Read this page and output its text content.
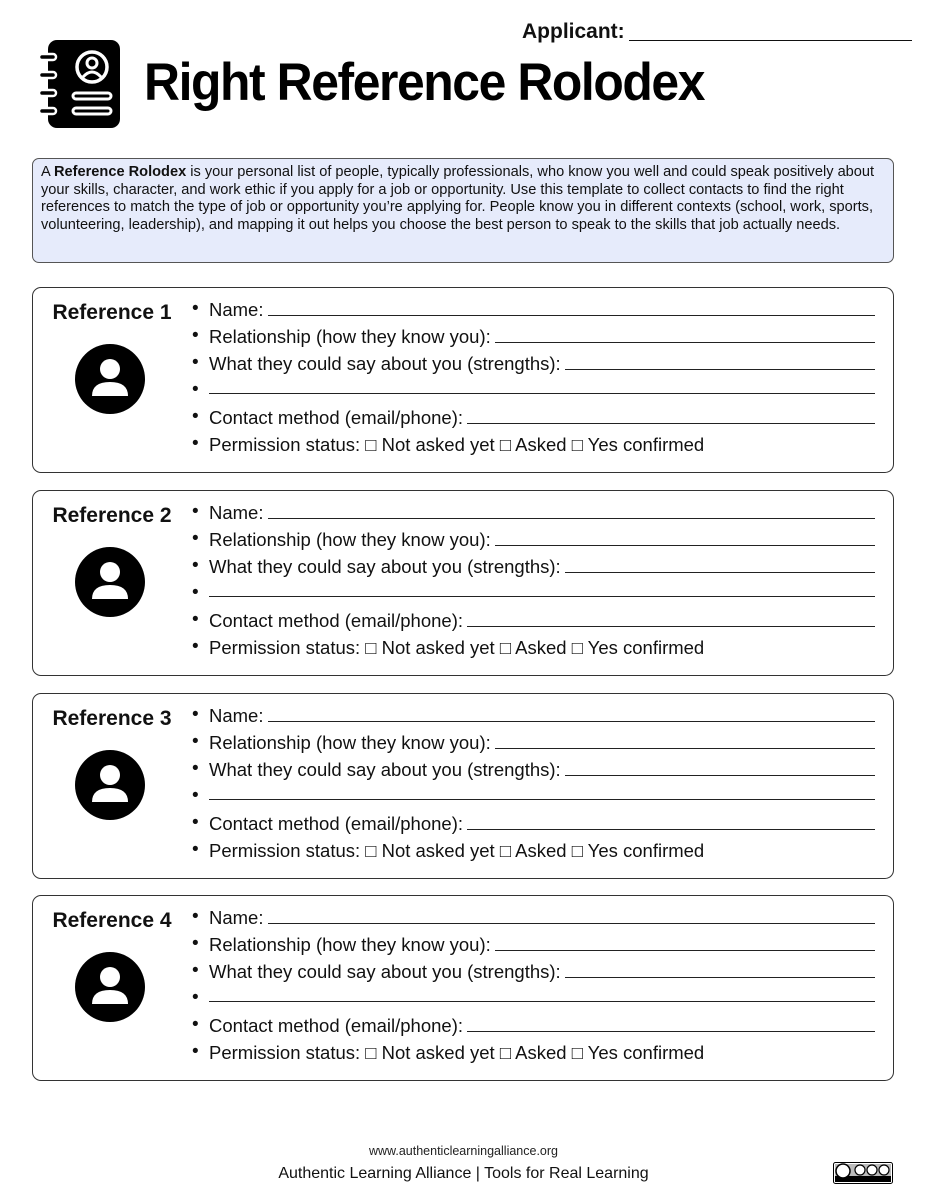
Applicant:
Right Reference Rolodex
A Reference Rolodex is your personal list of people, typically professionals, who know you well and could speak positively about your skills, character, and work ethic if you apply for a job or opportunity. Use this template to collect contacts to find the right references to match the type of job or opportunity you’re applying for. People know you in different contexts (school, work, sports, volunteering, leadership), and mapping it out helps you choose the best person to speak to the skills that job actually needs.
Reference 1	• Name:
• Relationship (how they know you):
• What they could say about you (strengths):
•
• Contact method (email/phone):
• Permission status: □ Not asked yet □ Asked □ Yes confirmed
Reference 2	• Name:
• Relationship (how they know you):
• What they could say about you (strengths):
•
• Contact method (email/phone):
• Permission status: □ Not asked yet □ Asked □ Yes confirmed
Reference 3	• Name:
• Relationship (how they know you):
• What they could say about you (strengths):
•
• Contact method (email/phone):
• Permission status: □ Not asked yet □ Asked □ Yes confirmed
Reference 4	• Name:
• Relationship (how they know you):
• What they could say about you (strengths):
•
• Contact method (email/phone):
• Permission status: □ Not asked yet □ Asked □ Yes confirmed
www.authenticlearningalliance.org
Authentic Learning Alliance | Tools for Real Learning
